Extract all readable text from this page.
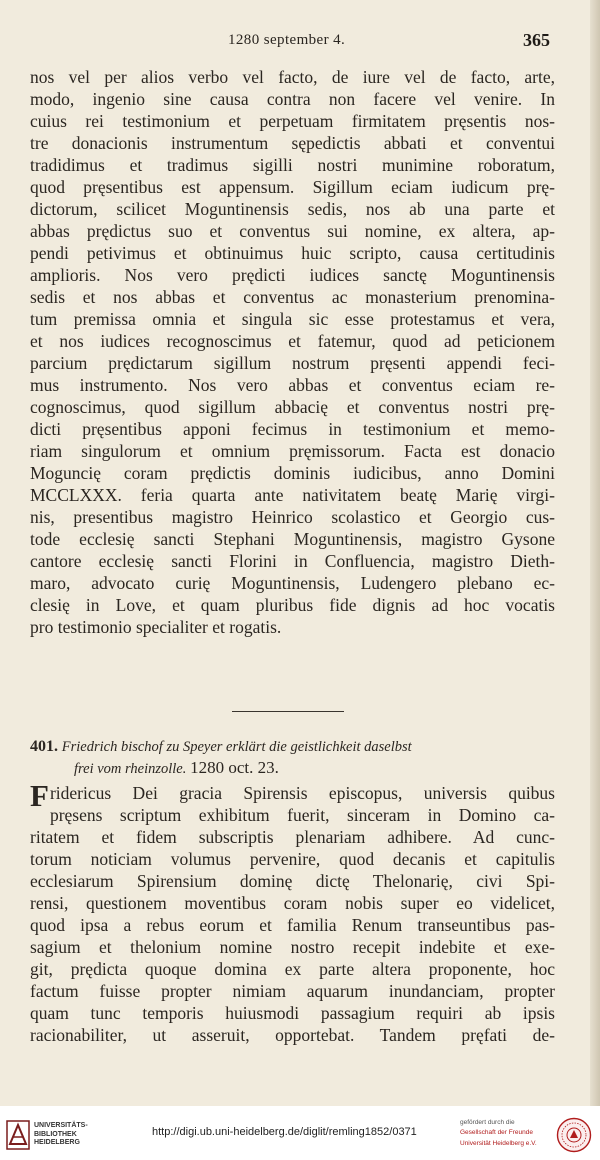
1280 september 4.	365
nos vel per alios verbo vel facto, de iure vel de facto, arte,
modo, ingenio sine causa contra non facere vel venire. In
cuius rei testimonium et perpetuam firmitatem pręsentis nos-
tre donacionis instrumentum sępedictis abbati et conventui
tradidimus et tradimus sigilli nostri munimine roboratum,
quod pręsentibus est appensum. Sigillum eciam iudicum prę-
dictorum, scilicet Moguntinensis sedis, nos ab una parte et
abbas prędictus suo et conventus sui nomine, ex altera, ap-
pendi petivimus et obtinuimus huic scripto, causa certitudinis
amplioris. Nos vero prędicti iudices sanctę Moguntinensis
sedis et nos abbas et conventus ac monasterium prenomina-
tum premissa omnia et singula sic esse protestamus et vera,
et nos iudices recognoscimus et fatemur, quod ad peticionem
parcium prędictarum sigillum nostrum pręsenti appendi feci-
mus instrumento. Nos vero abbas et conventus eciam re-
cognoscimus, quod sigillum abbacię et conventus nostri prę-
dicti pręsentibus apponi fecimus in testimonium et memo-
riam singulorum et omnium pręmissorum. Facta est donacio
Moguncię coram prędictis dominis iudicibus, anno Domini
MCCLXXX. feria quarta ante nativitatem beatę Marię virgi-
nis, presentibus magistro Heinrico scolastico et Georgio cus-
tode ecclesię sancti Stephani Moguntinensis, magistro Gysone
cantore ecclesię sancti Florini in Confluencia, magistro Dieth-
maro, advocato curię Moguntinensis, Ludengero plebano ec-
clesię in Love, et quam pluribus fide dignis ad hoc vocatis
pro testimonio specialiter et rogatis.
401. Friedrich bischof zu Speyer erklärt die geistlichkeit daselbst
frei vom rheinzolle. 1280 oct. 23.
Fridericus Dei gracia Spirensis episcopus, universis quibus
pręsens scriptum exhibitum fuerit, sinceram in Domino ca-
ritatem et fidem subscriptis plenariam adhibere. Ad cunc-
torum noticiam volumus pervenire, quod decanis et capitulis
ecclesiarum Spirensium dominę dictę Thelonarię, civi Spi-
rensi, questionem moventibus coram nobis super eo videlicet,
quod ipsa a rebus eorum et familia Renum transeuntibus pas-
sagium et thelonium nomine nostro recepit indebite et exe-
git, prędicta quoque domina ex parte altera proponente, hoc
factum fuisse propter nimiam aquarum inundanciam, propter
quam tunc temporis huiusmodi passagium requiri ab ipsis
racionabiliter, ut asseruit, opportebat. Tandem pręfati de-
UNIVERSITÄTS-
BIBLIOTHEK
HEIDELBERG
http://digi.ub.uni-heidelberg.de/diglit/remling1852/0371
gefördert durch die
Gesellschaft der Freunde
Universität Heidelberg e.V.
